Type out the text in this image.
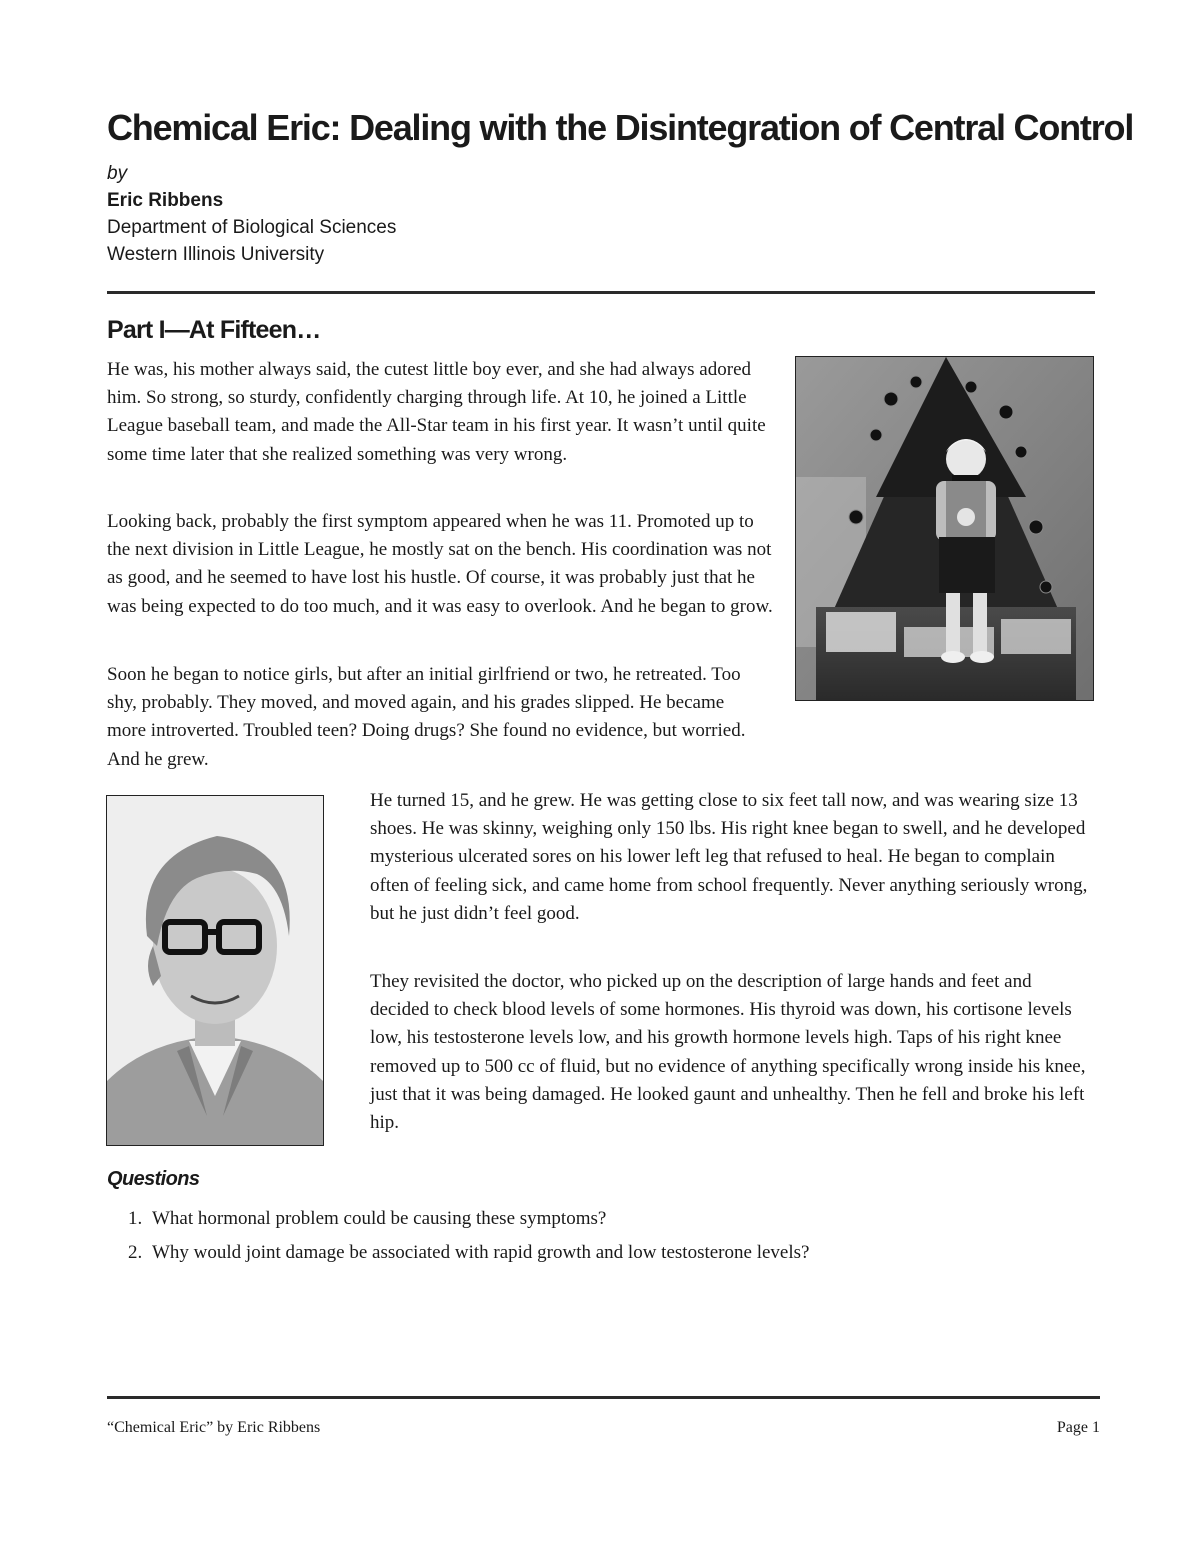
Chemical Eric: Dealing with the Disintegration of Central Control
by
Eric Ribbens
Department of Biological Sciences
Western Illinois University
Part I—At Fifteen…

He was, his mother always said, the cutest little boy ever, and she had always adored him. So strong, so sturdy, confidently charging through life. At 10, he joined a Little League baseball team, and made the All-Star team in his first year. It wasn’t until quite some time later that she realized something was very wrong.

Looking back, probably the first symptom appeared when he was 11. Promoted up to the next division in Little League, he mostly sat on the bench. His coordination was not as good, and he seemed to have lost his hustle. Of course, it was probably just that he was being expected to do too much, and it was easy to overlook. And he began to grow.

Soon he began to notice girls, but after an initial girlfriend or two, he retreated. Too shy, probably. They moved, and moved again, and his grades slipped. He became more introverted. Troubled teen? Doing drugs? She found no evidence, but worried. And he grew.

He turned 15, and he grew. He was getting close to six feet tall now, and was wearing size 13 shoes. He was skinny, weighing only 150 lbs. His right knee began to swell, and he developed mysterious ulcerated sores on his lower left leg that refused to heal. He began to complain often of feeling sick, and came home from school frequently. Never anything seriously wrong, but he just didn’t feel good.

They revisited the doctor, who picked up on the description of large hands and feet and decided to check blood levels of some hormones. His thyroid was down, his cortisone levels low, his testosterone levels low, and his growth hormone levels high. Taps of his right knee removed up to 500 cc of fluid, but no evidence of anything specifically wrong inside his knee, just that it was being damaged. He looked gaunt and unhealthy. Then he fell and broke his left hip.

Questions
1. What hormonal problem could be causing these symptoms?
2. Why would joint damage be associated with rapid growth and low testosterone levels?
“Chemical Eric” by Eric Ribbens	Page 1
